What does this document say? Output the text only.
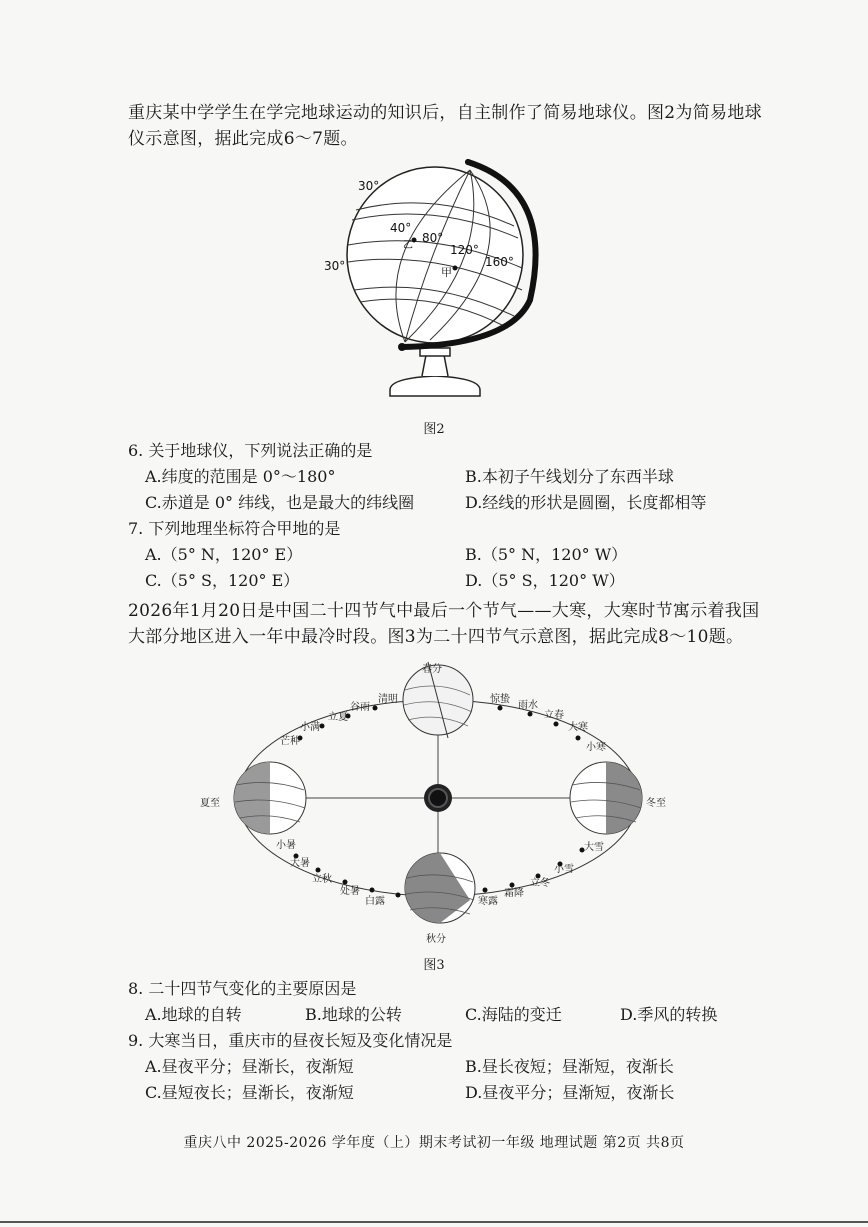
重庆某中学学生在学完地球运动的知识后，自主制作了简易地球仪。图2为简易地球仪示意图，据此完成6～7题。
30°
30°
40°
80°
120°
160°
乙
甲
图2
6. 关于地球仪，下列说法正确的是
A.纬度的范围是 0°～180°	B.本初子午线划分了东西半球
C.赤道是 0° 纬线，也是最大的纬线圈	D.经线的形状是圆圈，长度都相等
7. 下列地理坐标符合甲地的是
A.（5° N，120° E）	B.（5° N，120° W）
C.（5° S，120° E）	D.（5° S，120° W）
2026年1月20日是中国二十四节气中最后一个节气——大寒，大寒时节寓示着我国大部分地区进入一年中最冷时段。图3为二十四节气示意图，据此完成8～10题。
春分
清明
谷雨
立夏
小满
芒种
夏至
惊蛰
雨水
立春
大寒
小寒
冬至
小暑
大暑
立秋
处暑
白露
秋分
寒露
霜降
立冬
小雪
大雪
图3
8. 二十四节气变化的主要原因是
A.地球的自转	B.地球的公转	C.海陆的变迁	D.季风的转换
9. 大寒当日，重庆市的昼夜长短及变化情况是
A.昼夜平分；昼渐长，夜渐短	B.昼长夜短；昼渐短，夜渐长
C.昼短夜长；昼渐长，夜渐短	D.昼夜平分；昼渐短，夜渐长
重庆八中 2025-2026 学年度（上）期末考试初一年级 地理试题 第2页 共8页
